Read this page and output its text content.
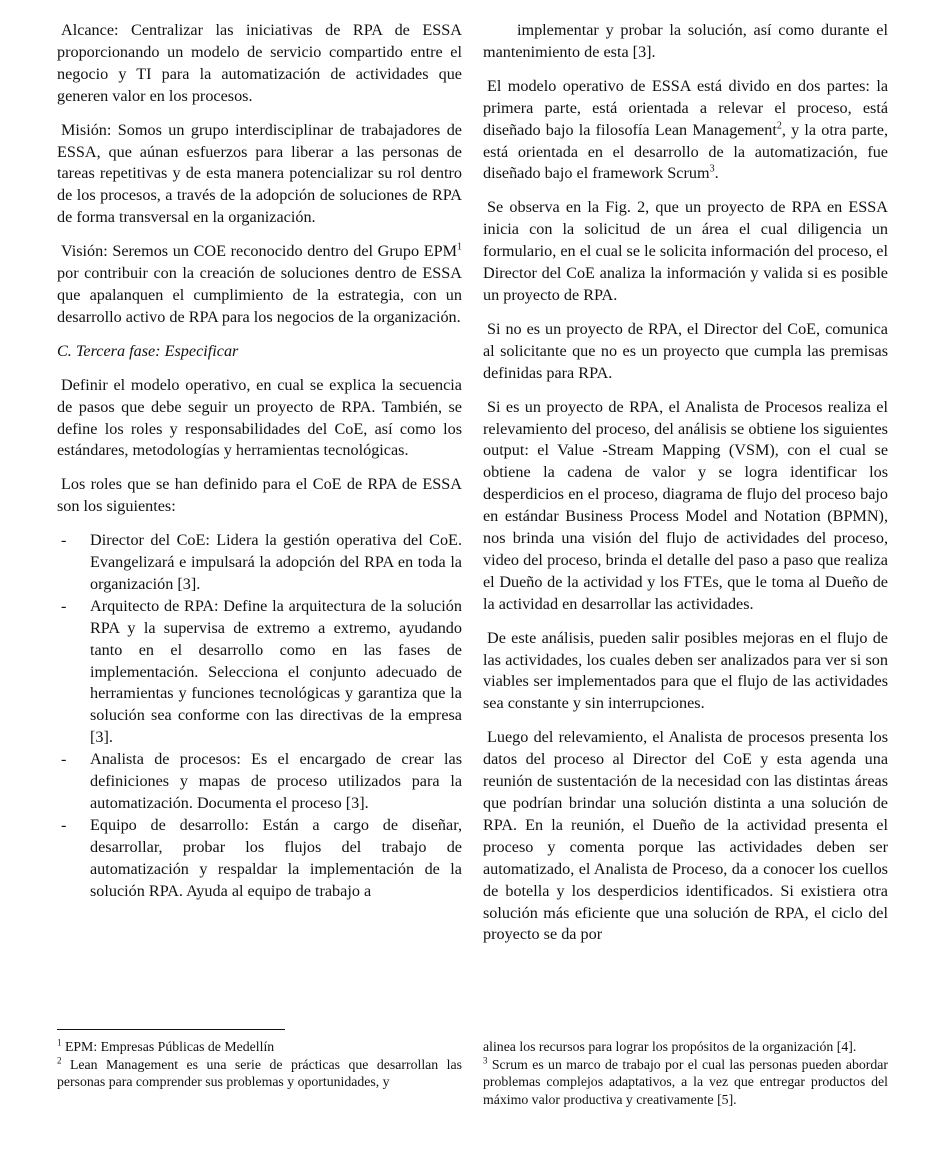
Alcance: Centralizar las iniciativas de RPA de ESSA proporcionando un modelo de servicio compartido entre el negocio y TI para la automatización de actividades que generen valor en los procesos.

Misión: Somos un grupo interdisciplinar de trabajadores de ESSA, que aúnan esfuerzos para liberar a las personas de tareas repetitivas y de esta manera potencializar su rol dentro de los procesos, a través de la adopción de soluciones de RPA de forma transversal en la organización.

Visión: Seremos un COE reconocido dentro del Grupo EPM$^1$ por contribuir con la creación de soluciones dentro de ESSA que apalanquen el cumplimiento de la estrategia, con un desarrollo activo de RPA para los negocios de la organización.

C. Tercera fase: Especificar

Definir el modelo operativo, en cual se explica la secuencia de pasos que debe seguir un proyecto de RPA. También, se define los roles y responsabilidades del CoE, así como los estándares, metodologías y herramientas tecnológicas.

Los roles que se han definido para el CoE de RPA de ESSA son los siguientes:

- Director del CoE: Lidera la gestión operativa del CoE. Evangelizará e impulsará la adopción del RPA en toda la organización [3].
- Arquitecto de RPA: Define la arquitectura de la solución RPA y la supervisa de extremo a extremo, ayudando tanto en el desarrollo como en las fases de implementación. Selecciona el conjunto adecuado de herramientas y funciones tecnológicas y garantiza que la solución sea conforme con las directivas de la empresa [3].
- Analista de procesos: Es el encargado de crear las definiciones y mapas de proceso utilizados para la automatización. Documenta el proceso [3].
- Equipo de desarrollo: Están a cargo de diseñar, desarrollar, probar los flujos del trabajo de automatización y respaldar la implementación de la solución RPA. Ayuda al equipo de trabajo a

implementar y probar la solución, así como durante el mantenimiento de esta [3].

El modelo operativo de ESSA está divido en dos partes: la primera parte, está orientada a relevar el proceso, está diseñado bajo la filosofía Lean Management$^2$, y la otra parte, está orientada en el desarrollo de la automatización, fue diseñado bajo el framework Scrum$^3$.

Se observa en la Fig. 2, que un proyecto de RPA en ESSA inicia con la solicitud de un área el cual diligencia un formulario, en el cual se le solicita información del proceso, el Director del CoE analiza la información y valida si es posible un proyecto de RPA.

Si no es un proyecto de RPA, el Director del CoE, comunica al solicitante que no es un proyecto que cumpla las premisas definidas para RPA.

Si es un proyecto de RPA, el Analista de Procesos realiza el relevamiento del proceso, del análisis se obtiene los siguientes output: el Value -Stream Mapping (VSM), con el cual se obtiene la cadena de valor y se logra identificar los desperdicios en el proceso, diagrama de flujo del proceso bajo en estándar Business Process Model and Notation (BPMN), nos brinda una visión del flujo de actividades del proceso, video del proceso, brinda el detalle del paso a paso que realiza el Dueño de la actividad y los FTEs, que le toma al Dueño de la actividad en desarrollar las actividades.

De este análisis, pueden salir posibles mejoras en el flujo de las actividades, los cuales deben ser analizados para ver si son viables ser implementados para que el flujo de las actividades sea constante y sin interrupciones.

Luego del relevamiento, el Analista de procesos presenta los datos del proceso al Director del CoE y esta agenda una reunión de sustentación de la necesidad con las distintas áreas que podrían brindar una solución distinta a una solución de RPA. En la reunión, el Dueño de la actividad presenta el proceso y comenta porque las actividades deben ser automatizado, el Analista de Proceso, da a conocer los cuellos de botella y los desperdicios identificados. Si existiera otra solución más eficiente que una solución de RPA, el ciclo del proyecto se da por

$^1$ EPM: Empresas Públicas de Medellín

$^2$ Lean Management es una serie de prácticas que desarrollan las personas para comprender sus problemas y oportunidades, y

alinea los recursos para lograr los propósitos de la organización [4].

$^3$ Scrum es un marco de trabajo por el cual las personas pueden abordar problemas complejos adaptativos, a la vez que entregar productos del máximo valor productiva y creativamente [5].
